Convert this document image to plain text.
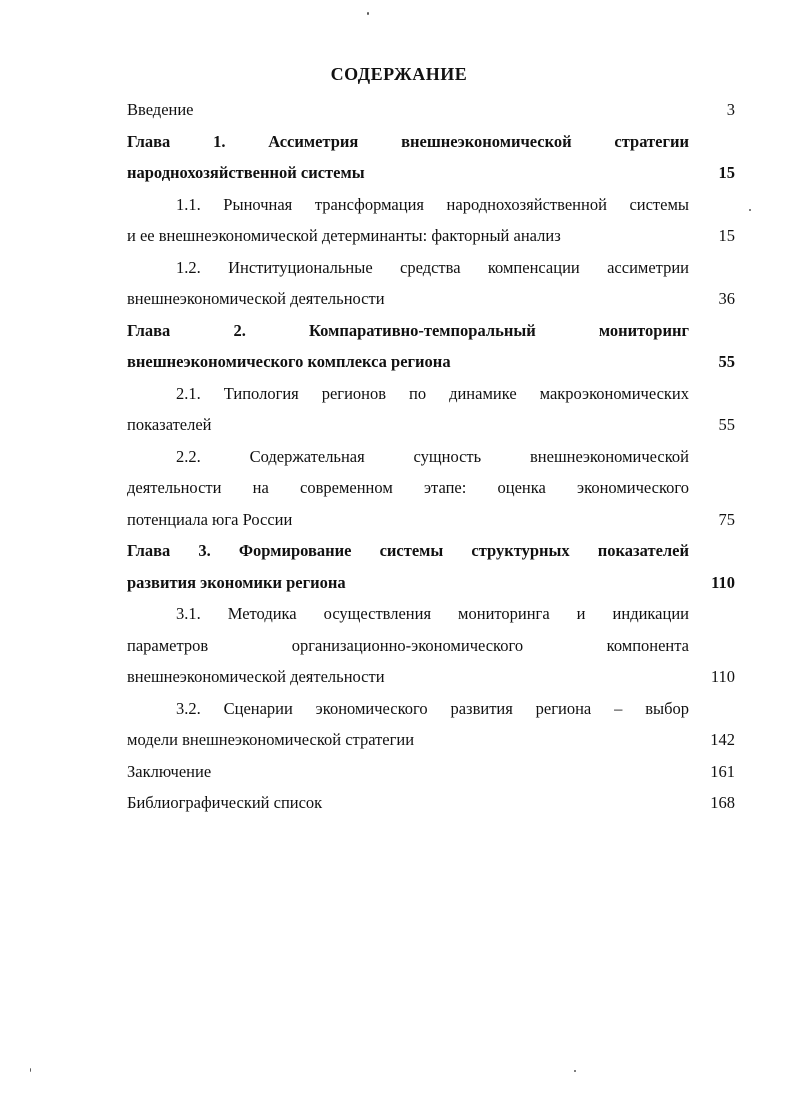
СОДЕРЖАНИЕ
Введение	3
Глава 1. Ассиметрия внешнеэкономической стратегии
народнохозяйственной системы	15
1.1. Рыночная трансформация народнохозяйственной системы
и ее внешнеэкономической детерминанты: факторный анализ	15
1.2. Институциональные средства компенсации ассиметрии
внешнеэкономической деятельности	36
Глава 2. Компаративно-темпоральный мониторинг
внешнеэкономического комплекса региона	55
2.1. Типология регионов по динамике макроэкономических
показателей	55
2.2. Содержательная сущность внешнеэкономической
деятельности на современном этапе: оценка экономического
потенциала юга России	75
Глава 3. Формирование системы структурных показателей
развития экономики региона	110
3.1. Методика осуществления мониторинга и индикации
параметров организационно-экономического компонента
внешнеэкономической деятельности	110
3.2. Сценарии экономического развития региона – выбор
модели внешнеэкономической стратегии	142
Заключение	161
Библиографический список	168
